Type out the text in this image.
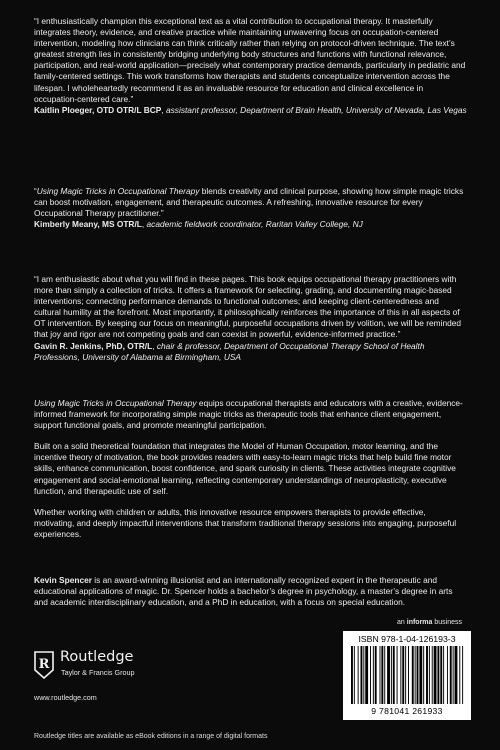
“I enthusiastically champion this exceptional text as a vital contribution to occupational therapy. It masterfully integrates theory, evidence, and creative practice while maintaining unwavering focus on occupation-centered intervention, modeling how clinicians can think critically rather than relying on protocol-driven technique. The text’s greatest strength lies in consistently bridging underlying body structures and functions with functional relevance, participation, and real-world application—precisely what contemporary practice demands, particularly in pediatric and family-centered settings. This work transforms how therapists and students conceptualize intervention across the lifespan. I wholeheartedly recommend it as an invaluable resource for education and clinical excellence in occupation-centered care.”

Kaitlin Ploeger, OTD OTR/L BCP, assistant professor, Department of Brain Health, University of Nevada, Las Vegas

“Using Magic Tricks in Occupational Therapy blends creativity and clinical purpose, showing how simple magic tricks can boost motivation, engagement, and therapeutic outcomes. A refreshing, innovative resource for every Occupational Therapy practitioner.”

Kimberly Meany, MS OTR/L, academic fieldwork coordinator, Raritan Valley College, NJ

“I am enthusiastic about what you will find in these pages. This book equips occupational therapy practitioners with more than simply a collection of tricks. It offers a framework for selecting, grading, and documenting magic-based interventions; connecting performance demands to functional outcomes; and keeping client-centeredness and cultural humility at the forefront. Most importantly, it philosophically reinforces the importance of this in all aspects of OT intervention. By keeping our focus on meaningful, purposeful occupations driven by volition, we will be reminded that joy and rigor are not competing goals and can coexist in powerful, evidence-informed practice.”

Gavin R. Jenkins, PhD, OTR/L, chair & professor, Department of Occupational Therapy School of Health Professions, University of Alabama at Birmingham, USA

Using Magic Tricks in Occupational Therapy equips occupational therapists and educators with a creative, evidence-informed framework for incorporating simple magic tricks as therapeutic tools that enhance client engagement, support functional goals, and promote meaningful participation.

Built on a solid theoretical foundation that integrates the Model of Human Occupation, motor learning, and the incentive theory of motivation, the book provides readers with easy-to-learn magic tricks that help build fine motor skills, enhance communication, boost confidence, and spark curiosity in clients. These activities integrate cognitive engagement and social-emotional learning, reflecting contemporary understandings of neuroplasticity, executive function, and therapeutic use of self.

Whether working with children or adults, this innovative resource empowers therapists to provide effective, motivating, and deeply impactful interventions that transform traditional therapy sessions into engaging, purposeful experiences.

Kevin Spencer is an award-winning illusionist and an internationally recognized expert in the therapeutic and educational applications of magic. Dr. Spencer holds a bachelor’s degree in psychology, a master’s degree in arts and academic interdisciplinary education, and a PhD in education, with a focus on special education.

an informa business
R Routledge
Taylor & Francis Group
www.routledge.com
ISBN 978-1-04-126193-3
9 781041 261933
Routledge titles are available as eBook editions in a range of digital formats
